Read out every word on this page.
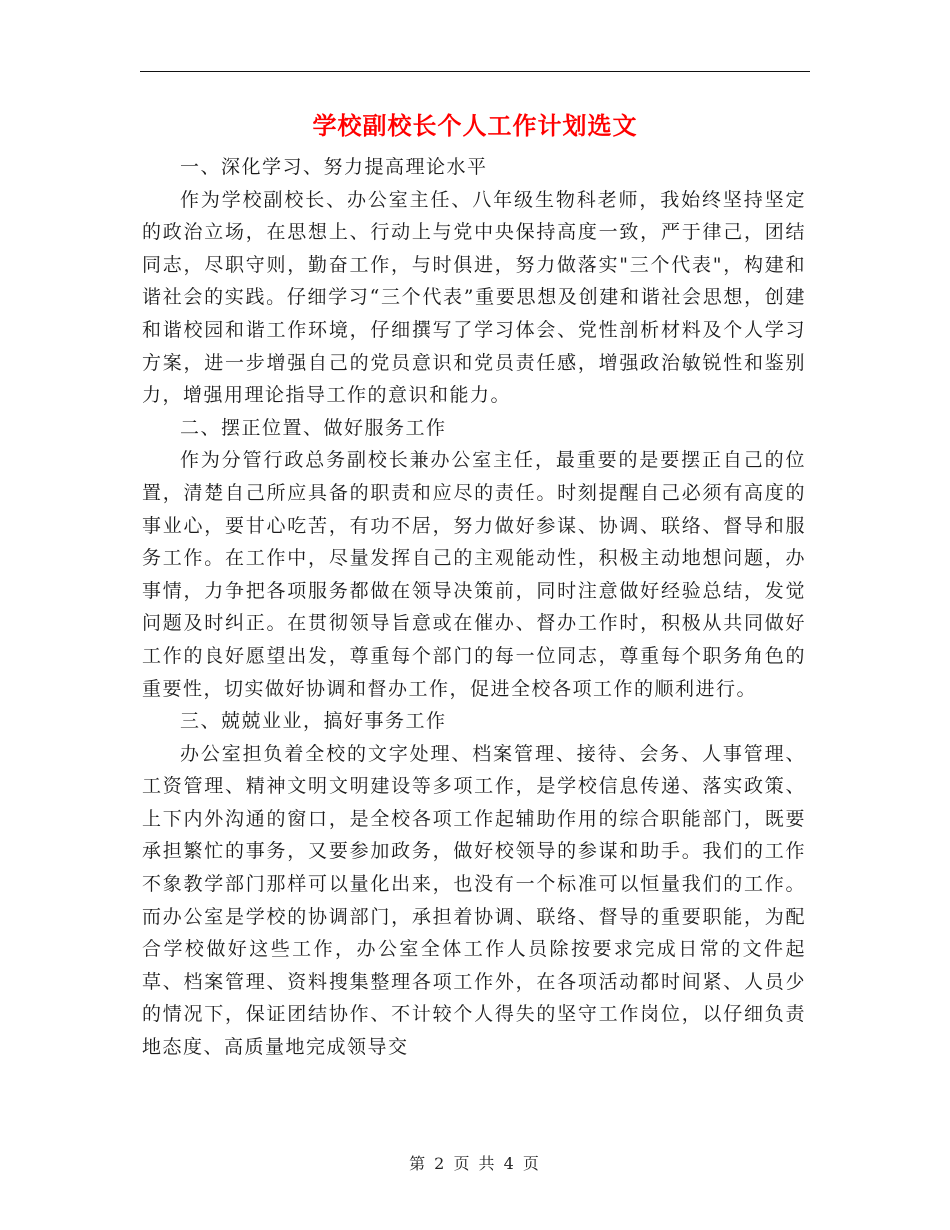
学校副校长个人工作计划选文

一、深化学习、努力提高理论水平

作为学校副校长、办公室主任、八年级生物科老师，我始终坚持坚定的政治立场，在思想上、行动上与党中央保持高度一致，严于律己，团结同志，尽职守则，勤奋工作，与时俱进，努力做落实"三个代表"，构建和谐社会的实践。仔细学习“三个代表”重要思想及创建和谐社会思想，创建和谐校园和谐工作环境，仔细撰写了学习体会、党性剖析材料及个人学习方案，进一步增强自己的党员意识和党员责任感，增强政治敏锐性和鉴别力，增强用理论指导工作的意识和能力。

二、摆正位置、做好服务工作

作为分管行政总务副校长兼办公室主任，最重要的是要摆正自己的位置，清楚自己所应具备的职责和应尽的责任。时刻提醒自己必须有高度的事业心，要甘心吃苦，有功不居，努力做好参谋、协调、联络、督导和服务工作。在工作中，尽量发挥自己的主观能动性，积极主动地想问题，办事情，力争把各项服务都做在领导决策前，同时注意做好经验总结，发觉问题及时纠正。在贯彻领导旨意或在催办、督办工作时，积极从共同做好工作的良好愿望出发，尊重每个部门的每一位同志，尊重每个职务角色的重要性，切实做好协调和督办工作，促进全校各项工作的顺利进行。

三、兢兢业业，搞好事务工作

办公室担负着全校的文字处理、档案管理、接待、会务、人事管理、工资管理、精神文明文明建设等多项工作，是学校信息传递、落实政策、上下内外沟通的窗口，是全校各项工作起辅助作用的综合职能部门，既要承担繁忙的事务，又要参加政务，做好校领导的参谋和助手。我们的工作不象教学部门那样可以量化出来，也没有一个标准可以恒量我们的工作。而办公室是学校的协调部门，承担着协调、联络、督导的重要职能，为配合学校做好这些工作，办公室全体工作人员除按要求完成日常的文件起草、档案管理、资料搜集整理各项工作外，在各项活动都时间紧、人员少的情况下，保证团结协作、不计较个人得失的坚守工作岗位，以仔细负责地态度、高质量地完成领导交

第 2 页 共 4 页
